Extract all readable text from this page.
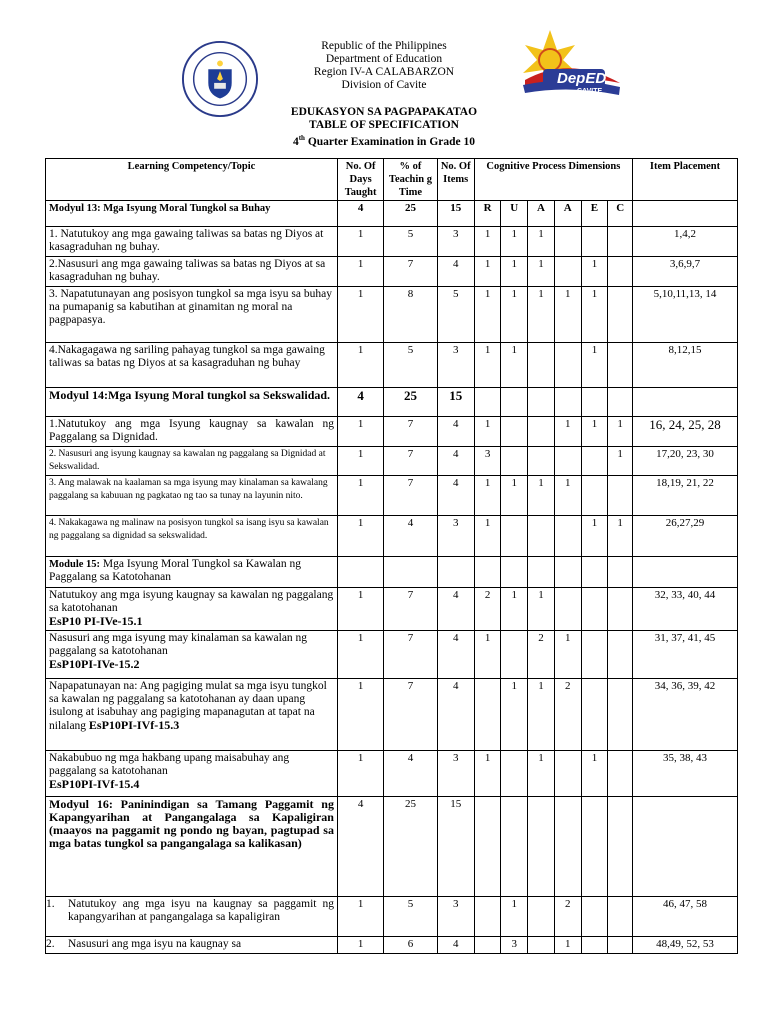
DepED
CAVITE
Republic of the Philippines
Department of Education
Region IV-A CALABARZON
Division of Cavite
EDUKASYON SA PAGPAPAKATAO
TABLE OF SPECIFICATION
4th Quarter Examination in Grade 10
Learning Competency/Topic	No. Of Days Taught	% of Teachin g Time	No. Of Items	Cognitive Process Dimensions						Item Placement
Modyul 13: Mga Isyung Moral Tungkol sa Buhay	4	25	15	R	U	A	A	E	C	
1. Natutukoy ang mga gawaing taliwas sa batas ng Diyos at kasagraduhan ng buhay.	1	5	3	1	1	1				1,4,2
2.Nasusuri ang mga gawaing taliwas sa batas ng Diyos at sa kasagraduhan ng buhay.	1	7	4	1	1	1		1		3,6,9,7
3. Napatutunayan ang posisyon tungkol sa mga isyu sa buhay na pumapanig sa kabutihan at ginamitan ng moral na pagpapasya.	1	8	5	1	1	1	1	1		5,10,11,13, 14
4.Nakagagawa ng sariling pahayag tungkol sa mga gawaing taliwas sa batas ng Diyos at sa kasagraduhan ng buhay	1	5	3	1	1			1		8,12,15
Modyul 14:Mga Isyung Moral tungkol sa Sekswalidad.	4	25	15							
1.Natutukoy ang mga Isyung kaugnay sa kawalan ng Paggalang sa Dignidad.	1	7	4	1			1	1	1	16, 24, 25, 28
2. Nasusuri ang isyung kaugnay sa kawalan ng paggalang sa Dignidad at Sekswalidad.	1	7	4	3					1	17,20, 23, 30
3. Ang malawak na kaalaman sa mga isyung may kinalaman sa kawalang paggalang sa kabuuan ng pagkatao ng tao sa tunay na layunin nito.	1	7	4	1	1	1	1			18,19, 21, 22
4. Nakakagawa ng malinaw na posisyon tungkol sa isang isyu sa kawalan ng paggalang sa dignidad sa sekswalidad.	1	4	3	1				1	1	26,27,29
Module 15: Mga Isyung Moral Tungkol sa Kawalan ng Paggalang sa Katotohanan										
Natutukoy ang mga isyung kaugnay sa kawalan ng paggalang sa katotohanan
EsP10 PI-IVe-15.1	1	7	4	2	1	1				32, 33, 40, 44
Nasusuri ang mga isyung may kinalaman sa kawalan ng paggalang sa katotohanan
EsP10PI-IVe-15.2	1	7	4	1		2	1			31, 37, 41, 45
Napapatunayan na: Ang pagiging mulat sa mga isyu tungkol sa kawalan ng paggalang sa katotohanan ay daan upang isulong at isabuhay ang pagiging mapanagutan at tapat na nilalang EsP10PI-IVf-15.3	1	7	4		1	1	2			34, 36, 39, 42
Nakabubuo ng mga hakbang upang maisabuhay ang paggalang sa katotohanan
EsP10PI-IVf-15.4	1	4	3	1		1		1		35, 38, 43
Modyul 16: Paninindigan sa Tamang Paggamit ng Kapangyarihan at Pangangalaga sa Kapaligiran (maayos na paggamit ng pondo ng bayan, pagtupad sa mga batas tungkol sa pangangalaga sa kalikasan)	4	25	15							
1. Natutukoy ang mga isyu na kaugnay sa paggamit ng kapangyarihan at pangangalaga sa kapaligiran	1	5	3		1		2			46, 47, 58
2. Nasusuri ang mga isyu na kaugnay sa	1	6	4		3		1			48,49, 52, 53
